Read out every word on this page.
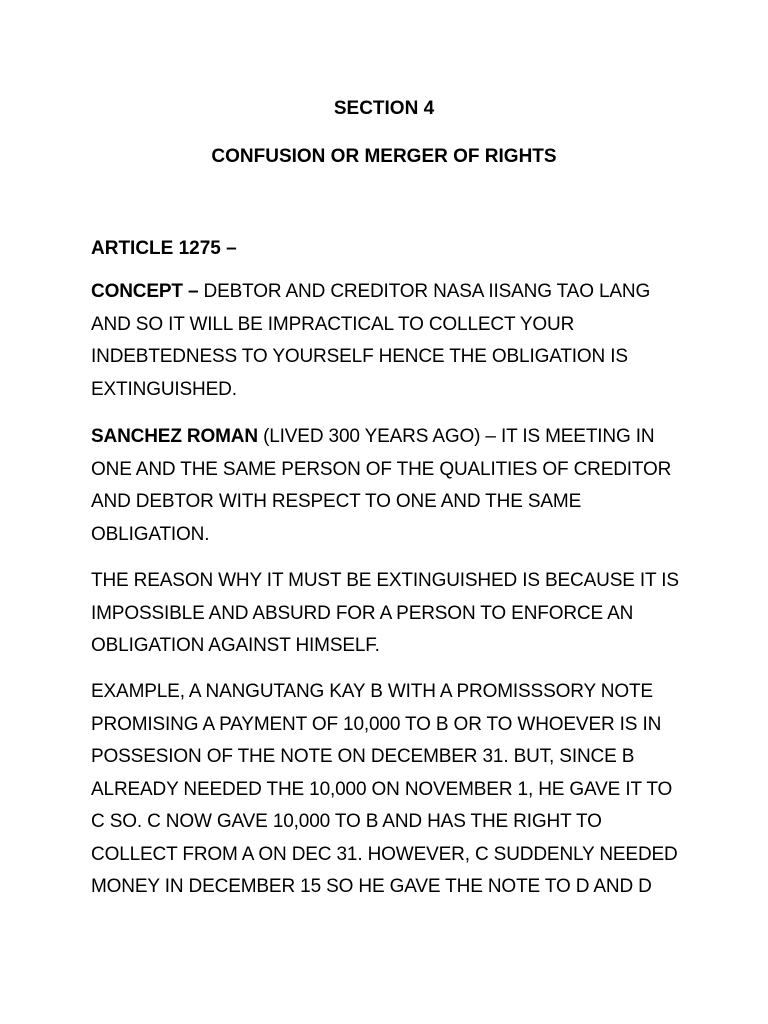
SECTION 4
CONFUSION OR MERGER OF RIGHTS
ARTICLE 1275 –
CONCEPT – DEBTOR AND CREDITOR NASA IISANG TAO LANG
AND SO IT WILL BE IMPRACTICAL TO COLLECT YOUR
INDEBTEDNESS TO YOURSELF HENCE THE OBLIGATION IS
EXTINGUISHED.
SANCHEZ ROMAN (LIVED 300 YEARS AGO) – IT IS MEETING IN
ONE AND THE SAME PERSON OF THE QUALITIES OF CREDITOR
AND DEBTOR WITH RESPECT TO ONE AND THE SAME
OBLIGATION.
THE REASON WHY IT MUST BE EXTINGUISHED IS BECAUSE IT IS
IMPOSSIBLE AND ABSURD FOR A PERSON TO ENFORCE AN
OBLIGATION AGAINST HIMSELF.
EXAMPLE, A NANGUTANG KAY B WITH A PROMISSSORY NOTE
PROMISING A PAYMENT OF 10,000 TO B OR TO WHOEVER IS IN
POSSESION OF THE NOTE ON DECEMBER 31. BUT, SINCE B
ALREADY NEEDED THE 10,000 ON NOVEMBER 1, HE GAVE IT TO
C SO. C NOW GAVE 10,000 TO B AND HAS THE RIGHT TO
COLLECT FROM A ON DEC 31. HOWEVER, C SUDDENLY NEEDED
MONEY IN DECEMBER 15 SO HE GAVE THE NOTE TO D AND D
